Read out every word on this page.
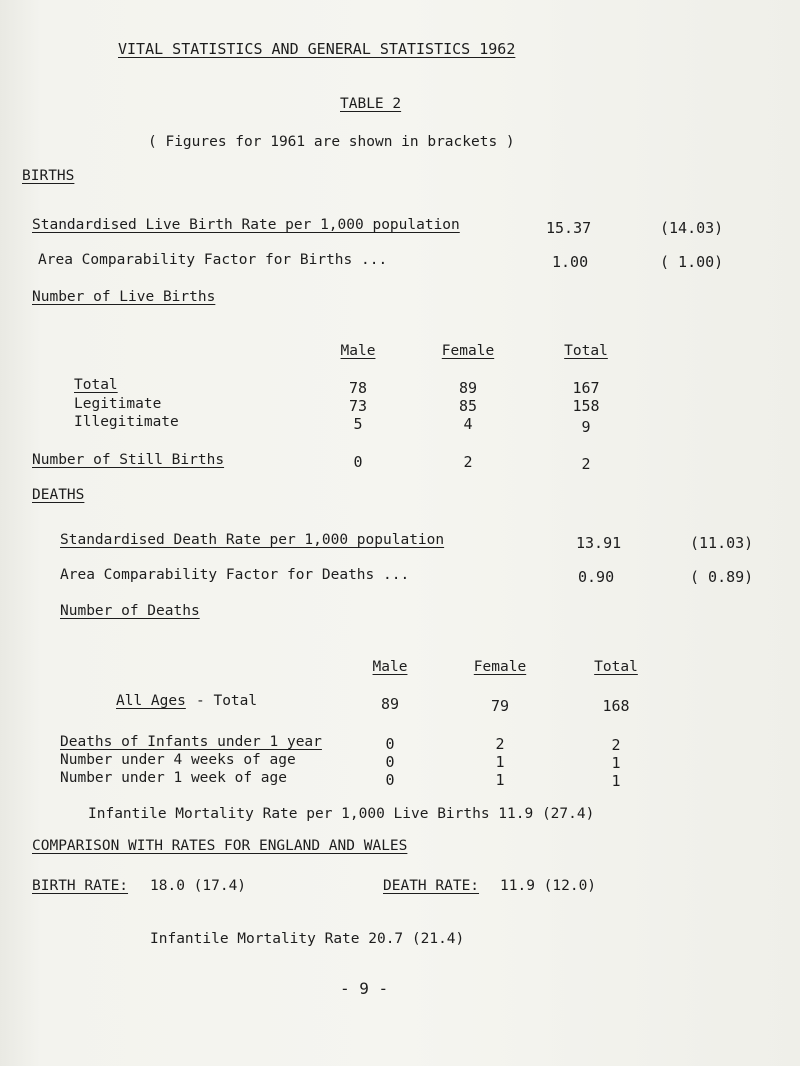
VITAL STATISTICS AND GENERAL STATISTICS 1962
TABLE 2
( Figures for 1961 are shown in brackets )
BIRTHS
Standardised Live Birth Rate per 1,000 population	15.37	(14.03)
Area Comparability Factor for Births ...	1.00	( 1.00)
Number of Live Births
Male	Female	Total
Total	78	89	167
Legitimate	73	85	158
Illegitimate	5	4	9
Number of Still Births	0	2	2
DEATHS
Standardised Death Rate per 1,000 population	13.91	(11.03)
Area Comparability Factor for Deaths ...	0.90	( 0.89)
Number of Deaths
Male	Female	Total
All Ages - Total	89	79	168
Deaths of Infants under 1 year	0	2	2
Number under 4 weeks of age	0	1	1
Number under 1 week of age	0	1	1
Infantile Mortality Rate per 1,000 Live Births 11.9 (27.4)
COMPARISON WITH RATES FOR ENGLAND AND WALES
BIRTH RATE: 18.0 (17.4)	DEATH RATE: 11.9 (12.0)
Infantile Mortality Rate 20.7 (21.4)
- 9 -
